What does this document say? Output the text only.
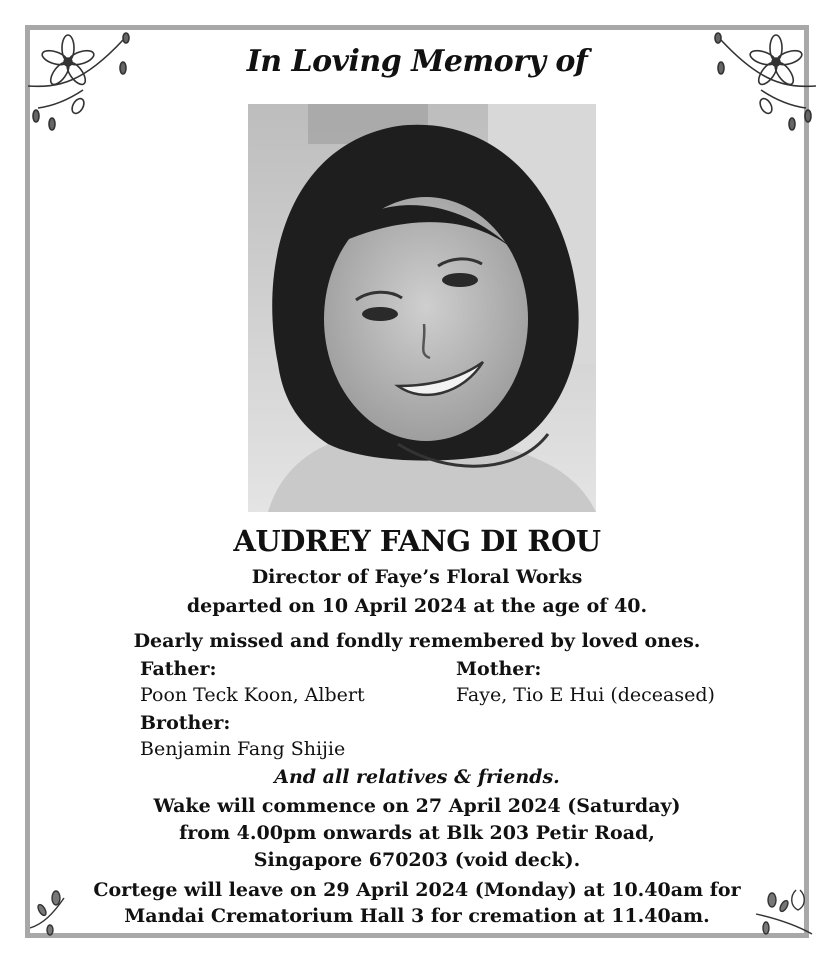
In Loving Memory of
AUDREY FANG DI ROU
Director of Faye’s Floral Works
departed on 10 April 2024 at the age of 40.
Dearly missed and fondly remembered by loved ones.
Father:
Poon Teck Koon, Albert
Mother:
Faye, Tio E Hui (deceased)
Brother:
Benjamin Fang Shijie
And all relatives & friends.
Wake will commence on 27 April 2024 (Saturday)
from 4.00pm onwards at Blk 203 Petir Road,
Singapore 670203 (void deck).
Cortege will leave on 29 April 2024 (Monday) at 10.40am for
Mandai Crematorium Hall 3 for cremation at 11.40am.
